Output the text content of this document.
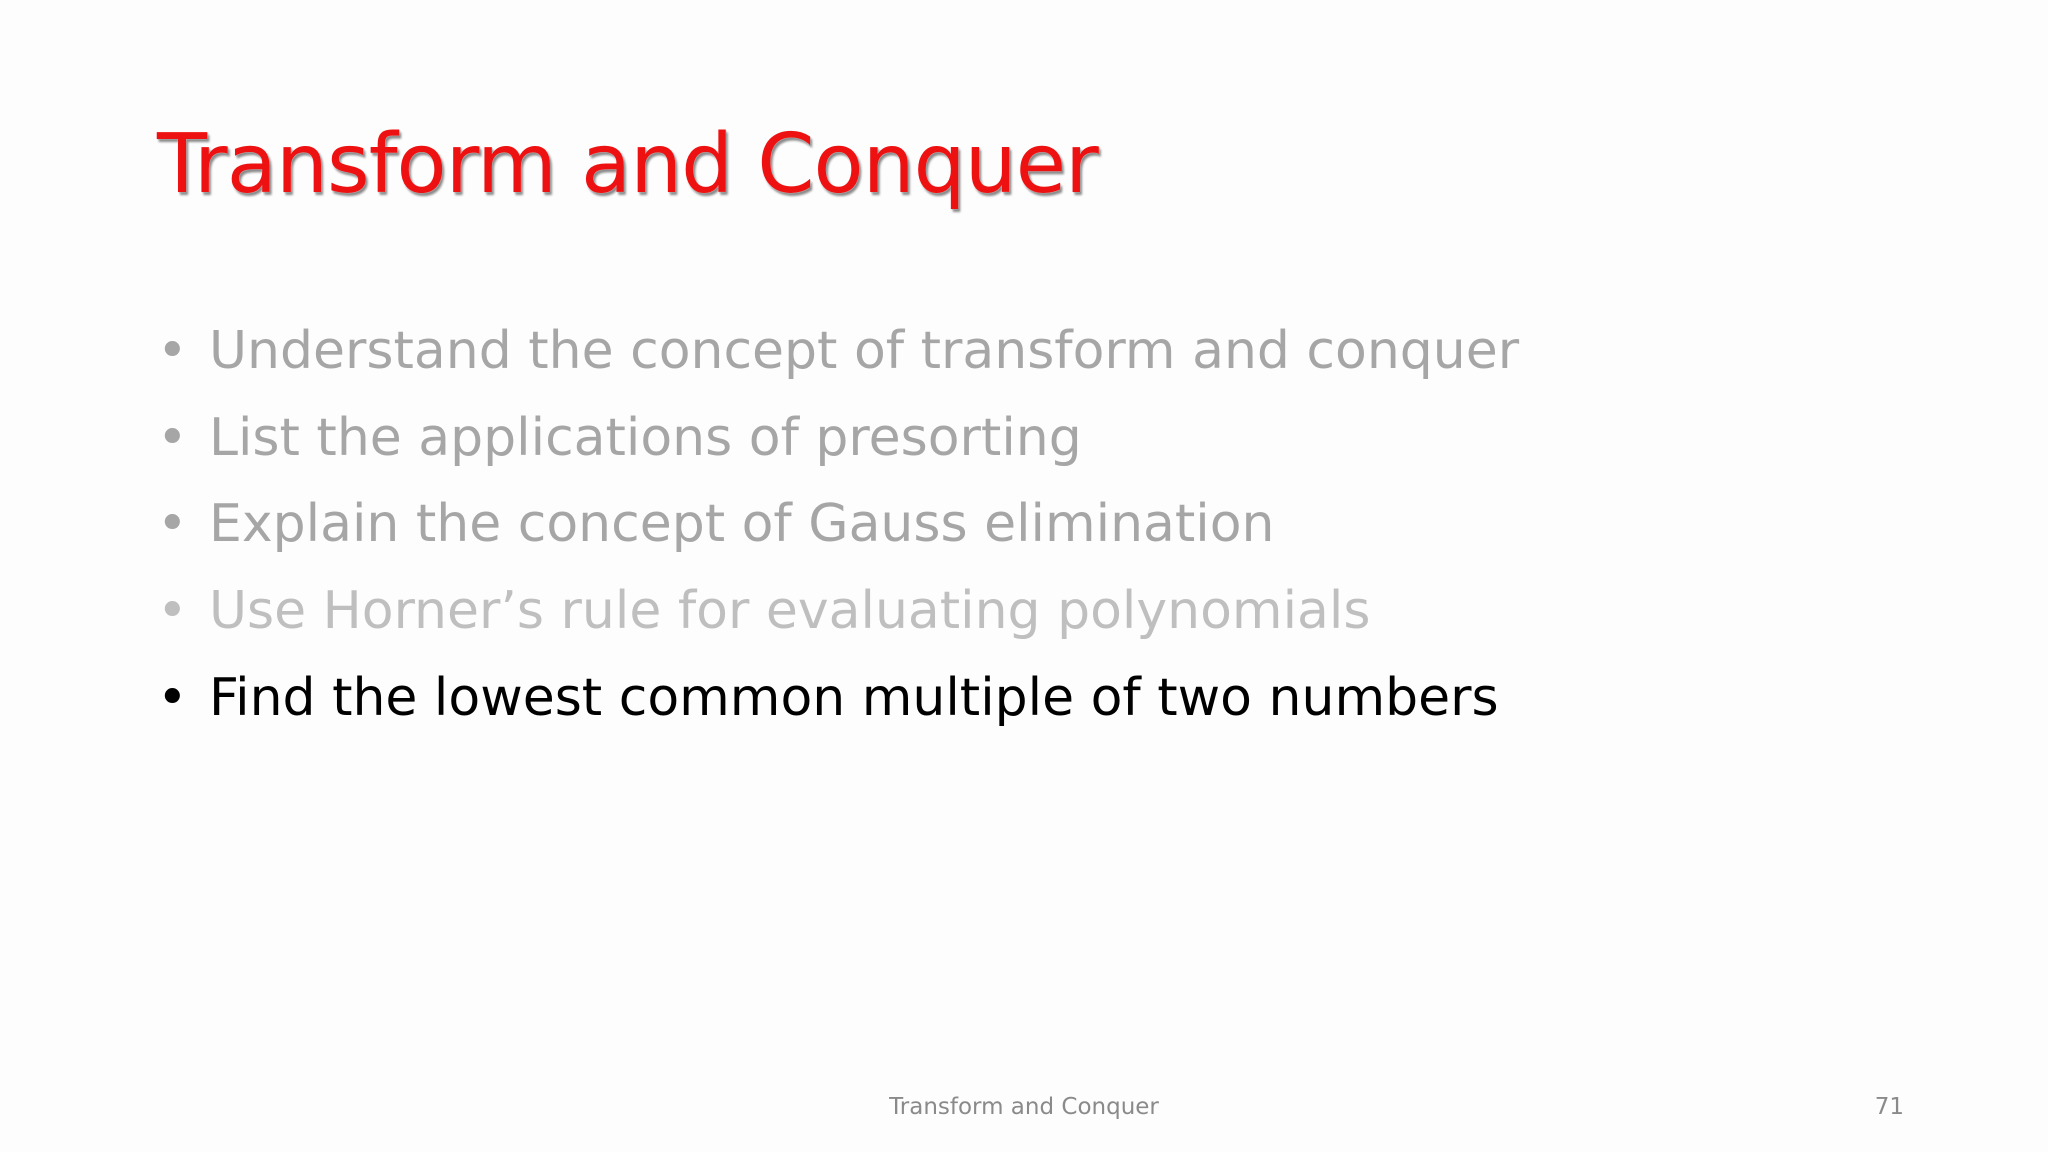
Transform and Conquer
• Understand the concept of transform and conquer
• List the applications of presorting
• Explain the concept of Gauss elimination
• Use Horner’s rule for evaluating polynomials
• Find the lowest common multiple of two numbers
Transform and Conquer	71
